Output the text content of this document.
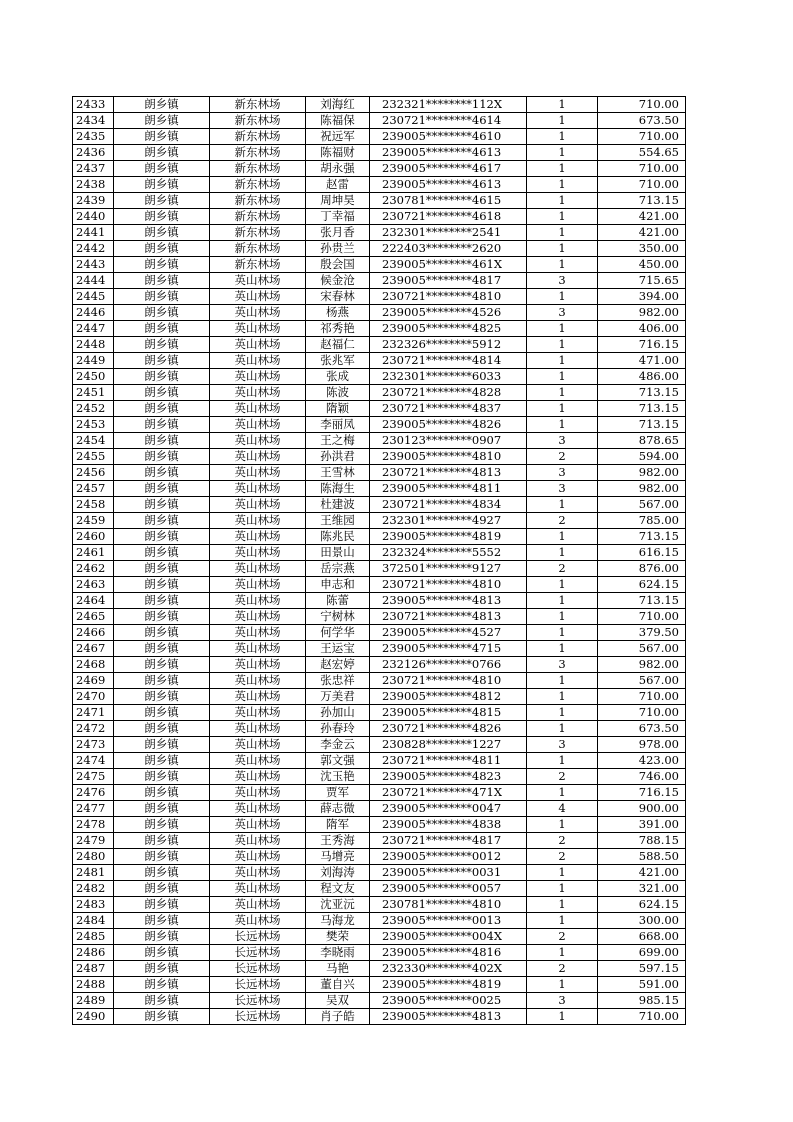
2433	朗乡镇	新东林场	刘海红	232321********112X	1	710.00
2434	朗乡镇	新东林场	陈福保	230721********4614	1	673.50
2435	朗乡镇	新东林场	祝远军	239005********4610	1	710.00
2436	朗乡镇	新东林场	陈福财	239005********4613	1	554.65
2437	朗乡镇	新东林场	胡永强	239005********4617	1	710.00
2438	朗乡镇	新东林场	赵雷	239005********4613	1	710.00
2439	朗乡镇	新东林场	周坤昊	230781********4615	1	713.15
2440	朗乡镇	新东林场	丁幸福	230721********4618	1	421.00
2441	朗乡镇	新东林场	张月香	232301********2541	1	421.00
2442	朗乡镇	新东林场	孙贵兰	222403********2620	1	350.00
2443	朗乡镇	新东林场	殷会国	239005********461X	1	450.00
2444	朗乡镇	英山林场	候金沧	239005********4817	3	715.65
2445	朗乡镇	英山林场	宋春林	230721********4810	1	394.00
2446	朗乡镇	英山林场	杨燕	239005********4526	3	982.00
2447	朗乡镇	英山林场	祁秀艳	239005********4825	1	406.00
2448	朗乡镇	英山林场	赵福仁	232326********5912	1	716.15
2449	朗乡镇	英山林场	张兆军	230721********4814	1	471.00
2450	朗乡镇	英山林场	张成	232301********6033	1	486.00
2451	朗乡镇	英山林场	陈波	230721********4828	1	713.15
2452	朗乡镇	英山林场	隋颖	230721********4837	1	713.15
2453	朗乡镇	英山林场	李丽凤	239005********4826	1	713.15
2454	朗乡镇	英山林场	王之梅	230123********0907	3	878.65
2455	朗乡镇	英山林场	孙洪君	239005********4810	2	594.00
2456	朗乡镇	英山林场	王雪林	230721********4813	3	982.00
2457	朗乡镇	英山林场	陈海生	239005********4811	3	982.00
2458	朗乡镇	英山林场	杜建波	230721********4834	1	567.00
2459	朗乡镇	英山林场	王维园	232301********4927	2	785.00
2460	朗乡镇	英山林场	陈兆民	239005********4819	1	713.15
2461	朗乡镇	英山林场	田景山	232324********5552	1	616.15
2462	朗乡镇	英山林场	岳宗燕	372501********9127	2	876.00
2463	朗乡镇	英山林场	申志和	230721********4810	1	624.15
2464	朗乡镇	英山林场	陈蕾	239005********4813	1	713.15
2465	朗乡镇	英山林场	宁树林	230721********4813	1	710.00
2466	朗乡镇	英山林场	何学华	239005********4527	1	379.50
2467	朗乡镇	英山林场	王运宝	239005********4715	1	567.00
2468	朗乡镇	英山林场	赵宏婷	232126********0766	3	982.00
2469	朗乡镇	英山林场	张忠祥	230721********4810	1	567.00
2470	朗乡镇	英山林场	万美君	239005********4812	1	710.00
2471	朗乡镇	英山林场	孙加山	239005********4815	1	710.00
2472	朗乡镇	英山林场	孙春玲	230721********4826	1	673.50
2473	朗乡镇	英山林场	李金云	230828********1227	3	978.00
2474	朗乡镇	英山林场	郭文强	230721********4811	1	423.00
2475	朗乡镇	英山林场	沈玉艳	239005********4823	2	746.00
2476	朗乡镇	英山林场	贾军	230721********471X	1	716.15
2477	朗乡镇	英山林场	薛志微	239005********0047	4	900.00
2478	朗乡镇	英山林场	隋军	239005********4838	1	391.00
2479	朗乡镇	英山林场	王秀海	230721********4817	2	788.15
2480	朗乡镇	英山林场	马增亮	239005********0012	2	588.50
2481	朗乡镇	英山林场	刘海涛	239005********0031	1	421.00
2482	朗乡镇	英山林场	程文友	239005********0057	1	321.00
2483	朗乡镇	英山林场	沈亚沅	230781********4810	1	624.15
2484	朗乡镇	英山林场	马海龙	239005********0013	1	300.00
2485	朗乡镇	长远林场	樊荣	239005********004X	2	668.00
2486	朗乡镇	长远林场	李晓雨	239005********4816	1	699.00
2487	朗乡镇	长远林场	马艳	232330********402X	2	597.15
2488	朗乡镇	长远林场	董自兴	239005********4819	1	591.00
2489	朗乡镇	长远林场	吴双	239005********0025	3	985.15
2490	朗乡镇	长远林场	肖子皓	239005********4813	1	710.00
